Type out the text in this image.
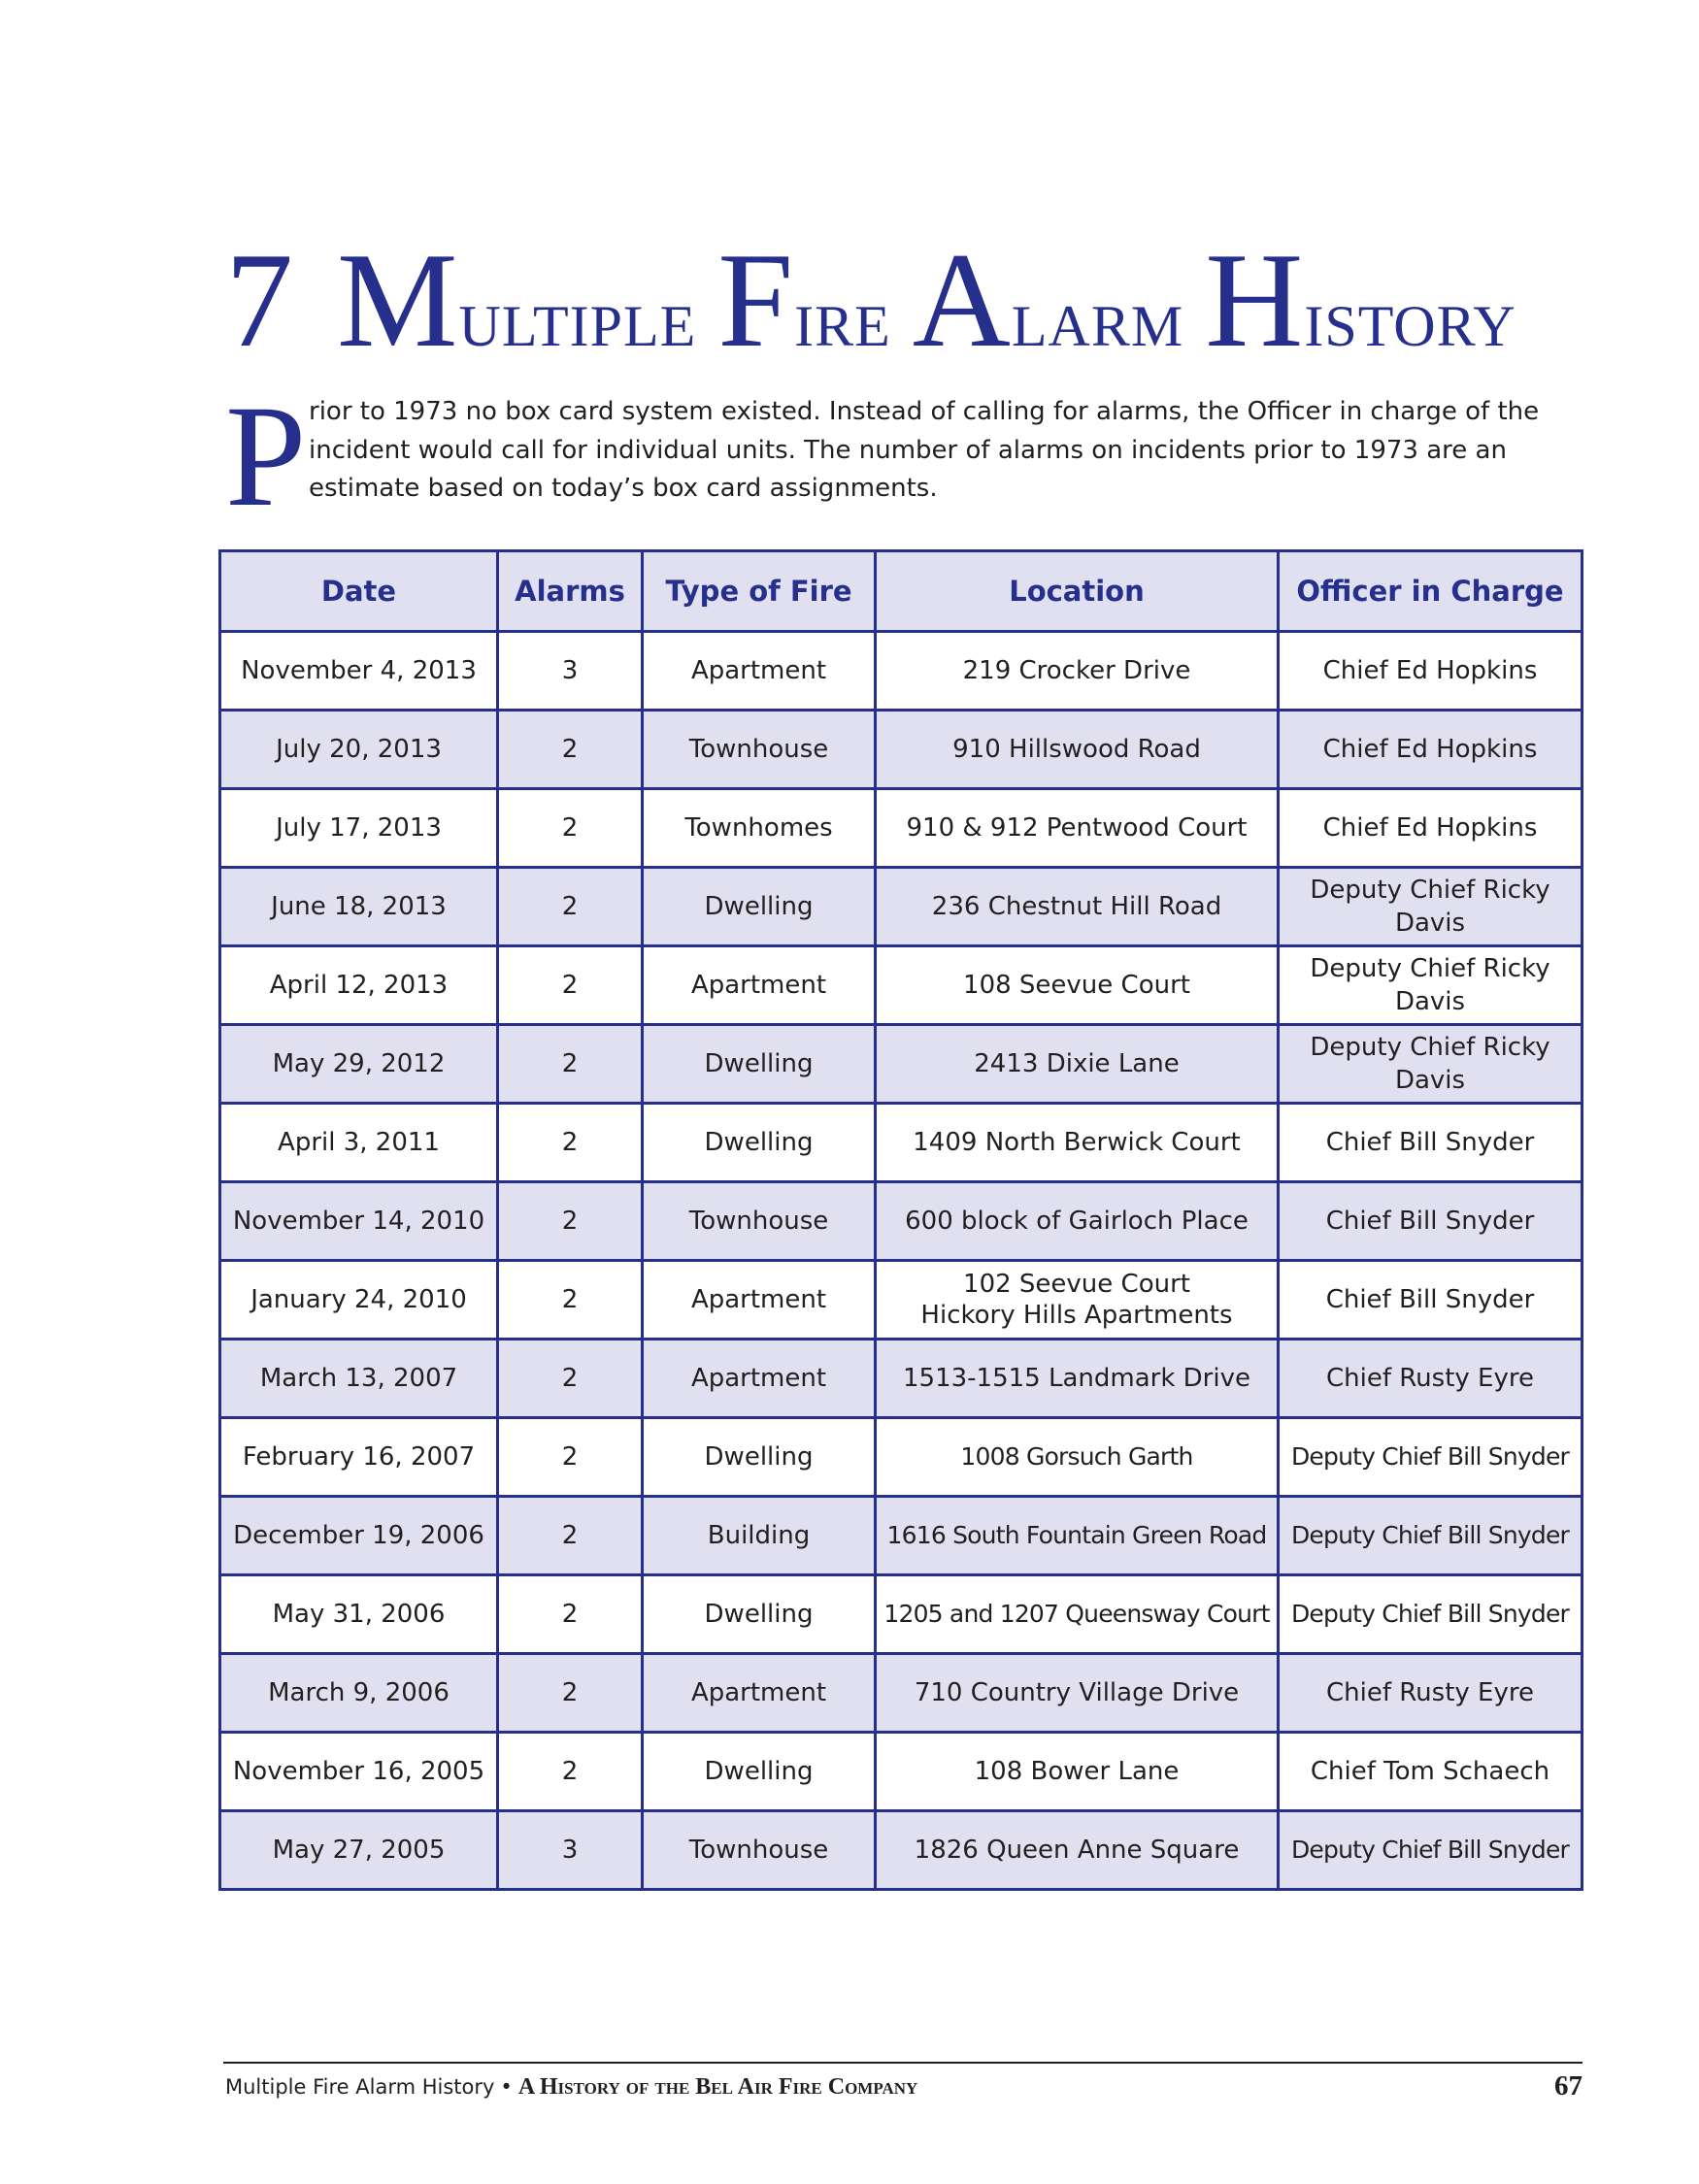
7 MULTIPLE FIRE ALARM HISTORY
P rior to 1973 no box card system existed. Instead of calling for alarms, the Officer in charge of the incident would call for individual units. The number of alarms on incidents prior to 1973 are an estimate based on today’s box card assignments.

Date	Alarms	Type of Fire	Location	Officer in Charge
November 4, 2013	3	Apartment	219 Crocker Drive	Chief Ed Hopkins
July 20, 2013	2	Townhouse	910 Hillswood Road	Chief Ed Hopkins
July 17, 2013	2	Townhomes	910 & 912 Pentwood Court	Chief Ed Hopkins
June 18, 2013	2	Dwelling	236 Chestnut Hill Road	Deputy Chief Ricky Davis
April 12, 2013	2	Apartment	108 Seevue Court	Deputy Chief Ricky Davis
May 29, 2012	2	Dwelling	2413 Dixie Lane	Deputy Chief Ricky Davis
April 3, 2011	2	Dwelling	1409 North Berwick Court	Chief Bill Snyder
November 14, 2010	2	Townhouse	600 block of Gairloch Place	Chief Bill Snyder
January 24, 2010	2	Apartment	102 Seevue Court
Hickory Hills Apartments	Chief Bill Snyder
March 13, 2007	2	Apartment	1513-1515 Landmark Drive	Chief Rusty Eyre
February 16, 2007	2	Dwelling	1008 Gorsuch Garth	Deputy Chief Bill Snyder
December 19, 2006	2	Building	1616 South Fountain Green Road	Deputy Chief Bill Snyder
May 31, 2006	2	Dwelling	1205 and 1207 Queensway Court	Deputy Chief Bill Snyder
March 9, 2006	2	Apartment	710 Country Village Drive	Chief Rusty Eyre
November 16, 2005	2	Dwelling	108 Bower Lane	Chief Tom Schaech
May 27, 2005	3	Townhouse	1826 Queen Anne Square	Deputy Chief Bill Snyder

Multiple Fire Alarm History • A History of the Bel Air Fire Company	67
